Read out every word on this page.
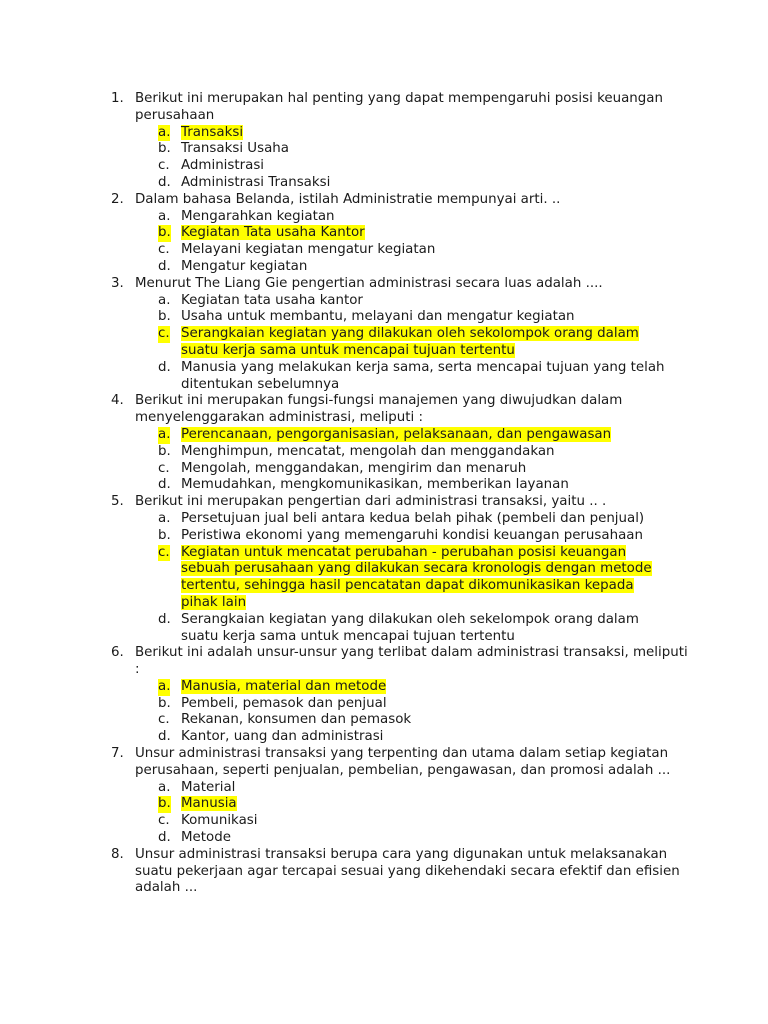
1. Berikut ini merupakan hal penting yang dapat mempengaruhi posisi keuangan perusahaan
a. Transaksi
b. Transaksi Usaha
c. Administrasi
d. Administrasi Transaksi
2. Dalam bahasa Belanda, istilah Administratie mempunyai arti. ..
a. Mengarahkan kegiatan
b. Kegiatan Tata usaha Kantor
c. Melayani kegiatan mengatur kegiatan
d. Mengatur kegiatan
3. Menurut The Liang Gie pengertian administrasi secara luas adalah ....
a. Kegiatan tata usaha kantor
b. Usaha untuk membantu, melayani dan mengatur kegiatan
c. Serangkaian kegiatan yang dilakukan oleh sekolompok orang dalam suatu kerja sama untuk mencapai tujuan tertentu
d. Manusia yang melakukan kerja sama, serta mencapai tujuan yang telah ditentukan sebelumnya
4. Berikut ini merupakan fungsi-fungsi manajemen yang diwujudkan dalam menyelenggarakan administrasi, meliputi :
a. Perencanaan, pengorganisasian, pelaksanaan, dan pengawasan
b. Menghimpun, mencatat, mengolah dan menggandakan
c. Mengolah, menggandakan, mengirim dan menaruh
d. Memudahkan, mengkomunikasikan, memberikan layanan
5. Berikut ini merupakan pengertian dari administrasi transaksi, yaitu .. .
a. Persetujuan jual beli antara kedua belah pihak (pembeli dan penjual)
b. Peristiwa ekonomi yang memengaruhi kondisi keuangan perusahaan
c. Kegiatan untuk mencatat perubahan - perubahan posisi keuangan sebuah perusahaan yang dilakukan secara kronologis dengan metode tertentu, sehingga hasil pencatatan dapat dikomunikasikan kepada pihak lain
d. Serangkaian kegiatan yang dilakukan oleh sekelompok orang dalam suatu kerja sama untuk mencapai tujuan tertentu
6. Berikut ini adalah unsur-unsur yang terlibat dalam administrasi transaksi, meliputi :
a. Manusia, material dan metode
b. Pembeli, pemasok dan penjual
c. Rekanan, konsumen dan pemasok
d. Kantor, uang dan administrasi
7. Unsur administrasi transaksi yang terpenting dan utama dalam setiap kegiatan perusahaan, seperti penjualan, pembelian, pengawasan, dan promosi adalah ...
a. Material
b. Manusia
c. Komunikasi
d. Metode
8. Unsur administrasi transaksi berupa cara yang digunakan untuk melaksanakan suatu pekerjaan agar tercapai sesuai yang dikehendaki secara efektif dan efisien adalah ...
